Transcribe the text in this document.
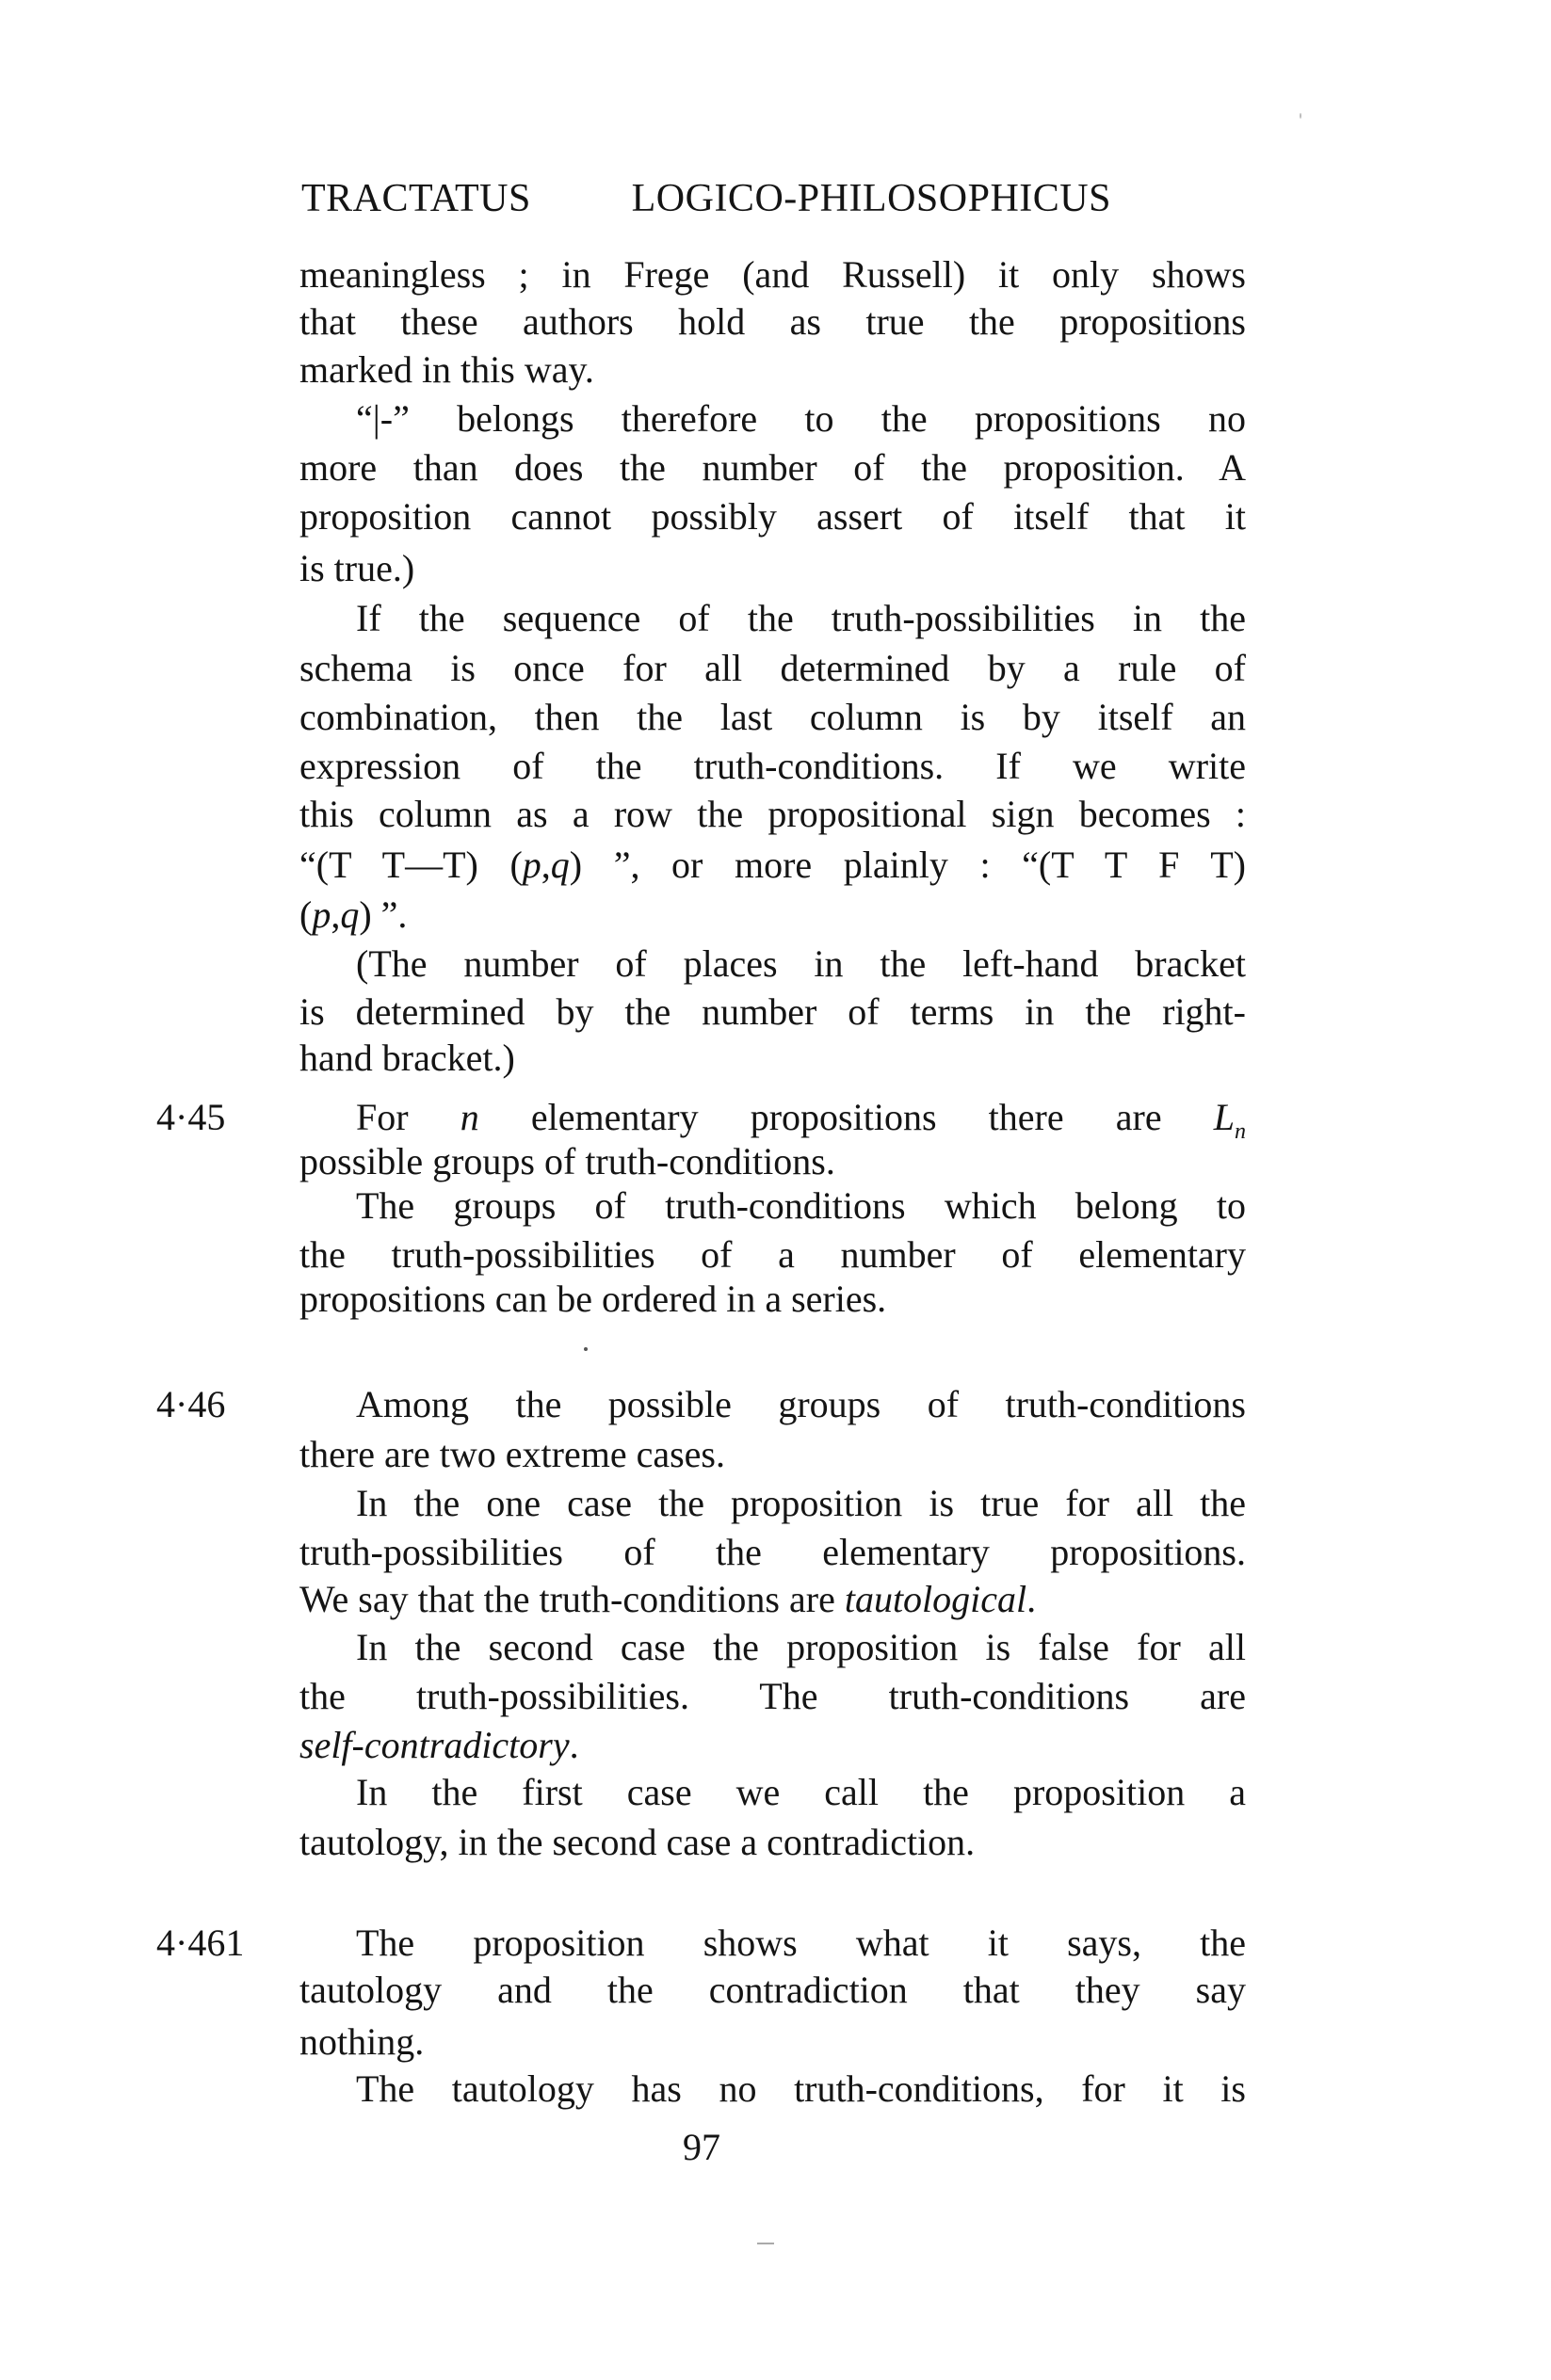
TRACTATUS LOGICO-PHILOSOPHICUS
meaningless ; in Frege (and Russell) it only shows
that these authors hold as true the propositions
marked in this way.
“|-” belongs therefore to the propositions no
more than does the number of the proposition. A
proposition cannot possibly assert of itself that it
is true.)
If the sequence of the truth-possibilities in the
schema is once for all determined by a rule of
combination, then the last column is by itself an
expression of the truth-conditions. If we write
this column as a row the propositional sign becomes :
“(T T—T) (p,q) ”, or more plainly : “(T T F T)
(p,q) ”.
(The number of places in the left-hand bracket
is determined by the number of terms in the right-
hand bracket.)
4·45	For n elementary propositions there are $L_n$
possible groups of truth-conditions.
The groups of truth-conditions which belong to
the truth-possibilities of a number of elementary
propositions can be ordered in a series.
4·46	Among the possible groups of truth-conditions
there are two extreme cases.
In the one case the proposition is true for all the
truth-possibilities of the elementary propositions.
We say that the truth-conditions are tautological.
In the second case the proposition is false for all
the truth-possibilities. The truth-conditions are
self-contradictory.
In the first case we call the proposition a
tautology, in the second case a contradiction.
4·461	The proposition shows what it says, the
tautology and the contradiction that they say
nothing.
The tautology has no truth-conditions, for it is
97
